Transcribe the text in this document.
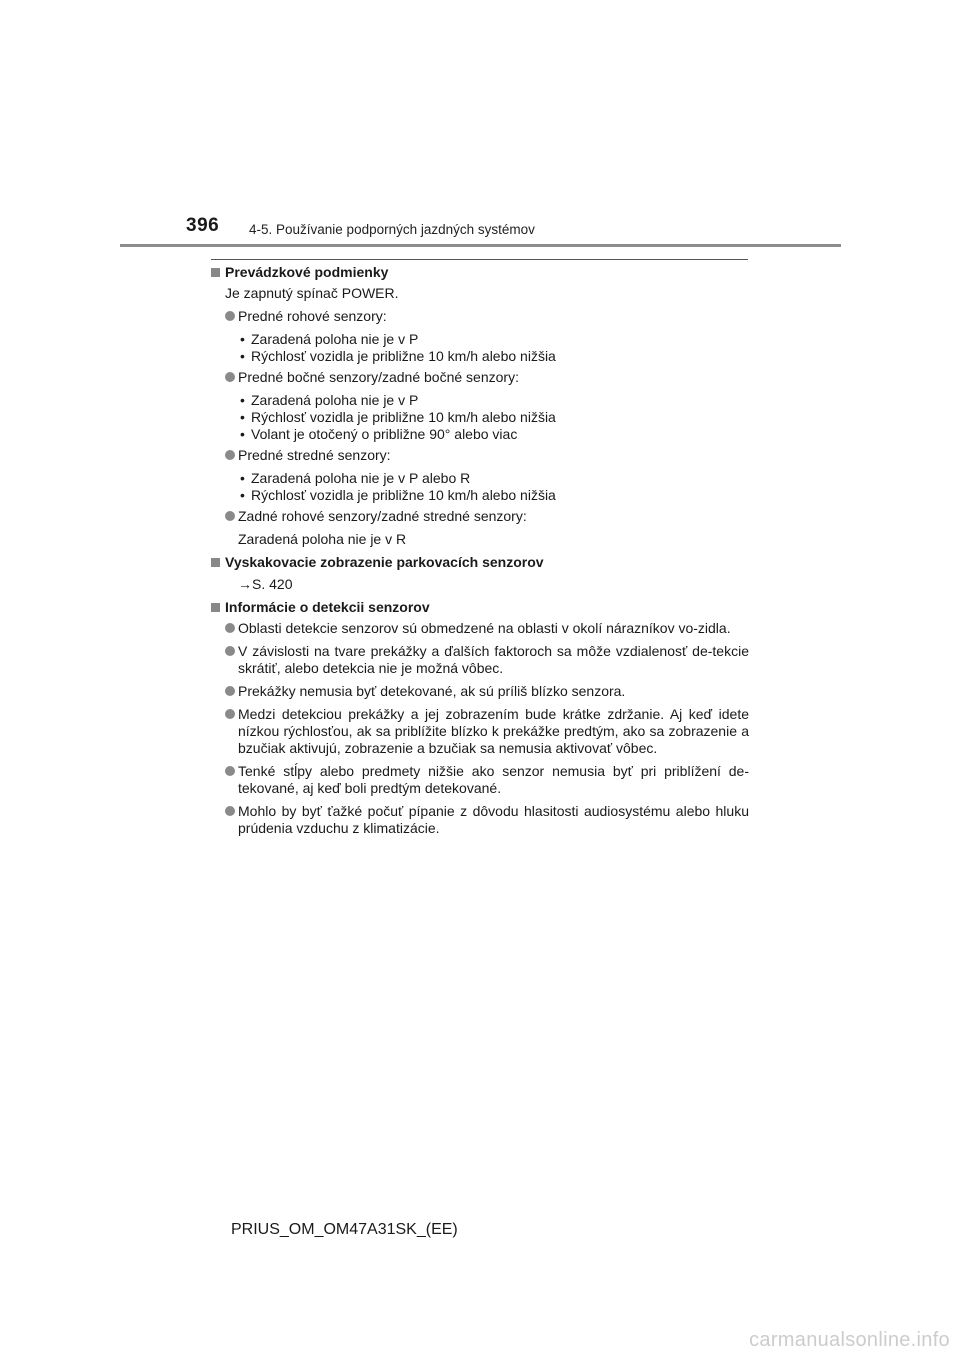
396 4-5. Používanie podporných jazdných systémov
Prevádzkové podmienky
Je zapnutý spínač POWER.
Predné rohové senzory:
• Zaradená poloha nie je v P
• Rýchlosť vozidla je približne 10 km/h alebo nižšia
Predné bočné senzory/zadné bočné senzory:
• Zaradená poloha nie je v P
• Rýchlosť vozidla je približne 10 km/h alebo nižšia
• Volant je otočený o približne 90° alebo viac
Predné stredné senzory:
• Zaradená poloha nie je v P alebo R
• Rýchlosť vozidla je približne 10 km/h alebo nižšia
Zadné rohové senzory/zadné stredné senzory:
Zaradená poloha nie je v R
Vyskakovacie zobrazenie parkovacích senzorov
→S. 420
Informácie o detekcii senzorov
Oblasti detekcie senzorov sú obmedzené na oblasti v okolí nárazníkov vo-zidla.
V závislosti na tvare prekážky a ďalších faktoroch sa môže vzdialenosť de-tekcie skrátiť, alebo detekcia nie je možná vôbec.
Prekážky nemusia byť detekované, ak sú príliš blízko senzora.
Medzi detekciou prekážky a jej zobrazením bude krátke zdržanie. Aj keď idete nízkou rýchlosťou, ak sa priblížite blízko k prekážke predtým, ako sa zobrazenie a bzučiak aktivujú, zobrazenie a bzučiak sa nemusia aktivovať vôbec.
Tenké stĺpy alebo predmety nižšie ako senzor nemusia byť pri priblížení de-tekované, aj keď boli predtým detekované.
Mohlo by byť ťažké počuť pípanie z dôvodu hlasitosti audiosystému alebo hluku prúdenia vzduchu z klimatizácie.
PRIUS_OM_OM47A31SK_(EE)
carmanualsonline.info
